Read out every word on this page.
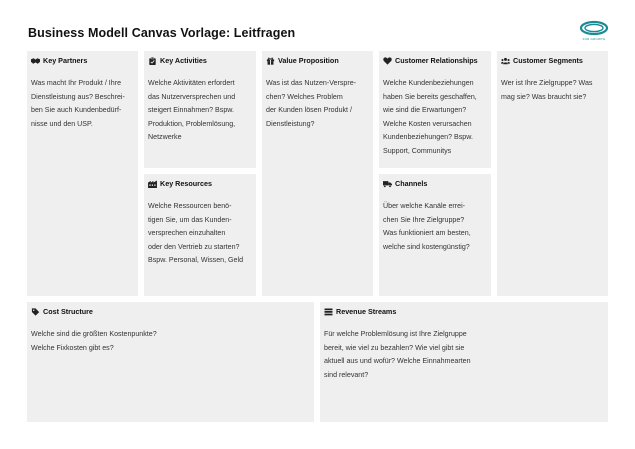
Business Modell Canvas Vorlage: Leitfragen	FOR GROWTH
Key Partners
Was macht Ihr Produkt / Ihre
Dienstleistung aus? Beschrei-
ben Sie auch Kundenbedürf-
nisse und den USP.
Key Activities
Welche Aktivitäten erfordert
das Nutzerversprechen und
steigert Einnahmen? Bspw.
Produktion, Problemlösung,
Netzwerke
Key Resources
Welche Ressourcen benö-
tigen Sie, um das Kunden-
versprechen einzuhalten
oder den Vertrieb zu starten?
Bspw. Personal, Wissen, Geld
Value Proposition
Was ist das Nutzen-Verspre-
chen? Welches Problem
der Kunden lösen Produkt /
Dienstleistung?
Customer Relationships
Welche Kundenbeziehungen
haben Sie bereits geschaffen,
wie sind die Erwartungen?
Welche Kosten verursachen
Kundenbeziehungen? Bspw.
Support, Communitys
Channels
Über welche Kanäle errei-
chen Sie Ihre Zielgruppe?
Was funktioniert am besten,
welche sind kostengünstig?
Customer Segments
Wer ist Ihre Zielgruppe? Was
mag sie? Was braucht sie?
Cost Structure
Welche sind die größten Kostenpunkte?
Welche Fixkosten gibt es?
Revenue Streams
Für welche Problemlösung ist Ihre Zielgruppe
bereit, wie viel zu bezahlen? Wie viel gibt sie
aktuell aus und wofür? Welche Einnahmearten
sind relevant?
